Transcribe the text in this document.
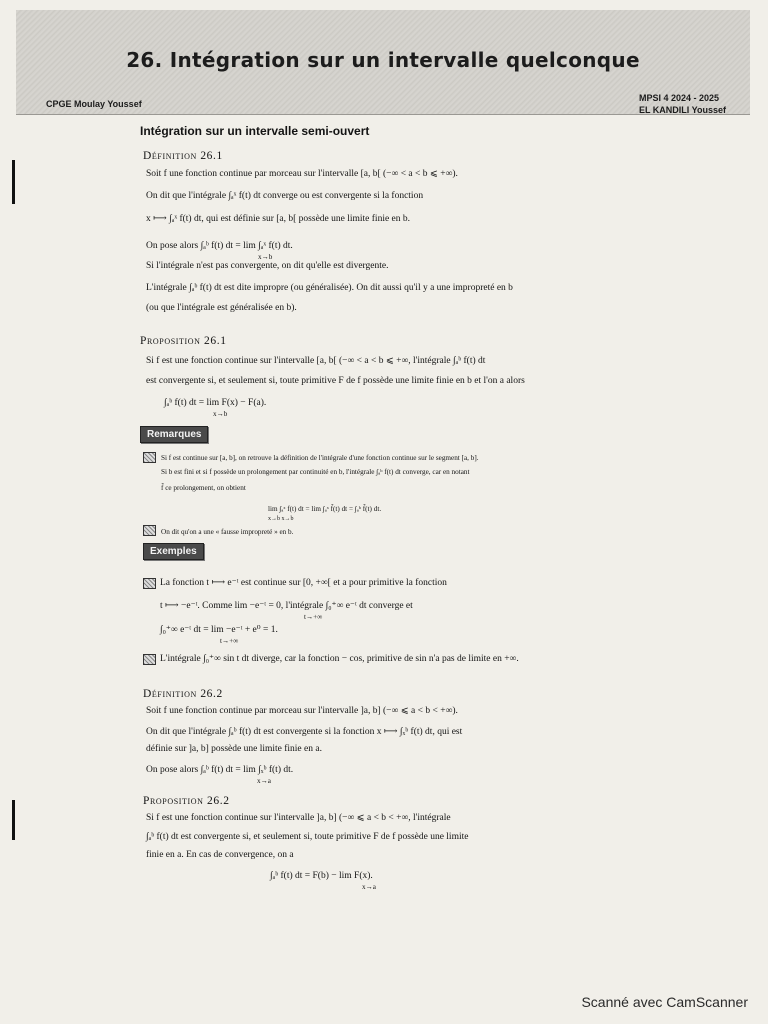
26. Intégration sur un intervalle quelconque
CPGE Moulay Youssef
MPSI 4 2024 - 2025
EL KANDILI Youssef
Intégration sur un intervalle semi-ouvert
Définition 26.1
Soit f une fonction continue par morceau sur l'intervalle [a, b[ (−∞ < a < b ⩽ +∞).
On dit que l'intégrale ∫ₐˣ f(t) dt converge ou est convergente si la fonction
x ⟼ ∫ₐˣ f(t) dt, qui est définie sur [a, b[ possède une limite finie en b.
On pose alors ∫ₐᵇ f(t) dt = lim ∫ₐˣ f(t) dt.
x→b
Si l'intégrale n'est pas convergente, on dit qu'elle est divergente.
L'intégrale ∫ₐᵇ f(t) dt est dite impropre (ou généralisée). On dit aussi qu'il y a une impropreté en b
(ou que l'intégrale est généralisée en b).
Proposition 26.1
Si f est une fonction continue sur l'intervalle [a, b[ (−∞ < a < b ⩽ +∞, l'intégrale ∫ₐᵇ f(t) dt
est convergente si, et seulement si, toute primitive F de f possède une limite finie en b et l'on a alors
∫ₐᵇ f(t) dt = lim F(x) − F(a).
x→b
Remarques
Si f est continue sur [a, b], on retrouve la définition de l'intégrale d'une fonction continue sur le segment [a, b].
Si b est fini et si f possède un prolongement par continuité en b, l'intégrale ∫ₐᵇ f(t) dt converge, car en notant
f̃ ce prolongement, on obtient
lim ∫ₐˣ f(t) dt = lim ∫ₐˣ f̃(t) dt = ∫ₐᵇ f̃(t) dt.
x→b x→b
On dit qu'on a une « fausse impropreté » en b.
Exemples
La fonction t ⟼ e⁻ᵗ est continue sur [0, +∞[ et a pour primitive la fonction
t ⟼ −e⁻ᵗ. Comme lim −e⁻ᵗ = 0, l'intégrale ∫₀⁺∞ e⁻ᵗ dt converge et
t→+∞
∫₀⁺∞ e⁻ᵗ dt = lim −e⁻ᵗ + e⁰ = 1.
t→+∞
L'intégrale ∫₀⁺∞ sin t dt diverge, car la fonction − cos, primitive de sin n'a pas de limite en +∞.
Définition 26.2
Soit f une fonction continue par morceau sur l'intervalle ]a, b] (−∞ ⩽ a < b < +∞).
On dit que l'intégrale ∫ₐᵇ f(t) dt est convergente si la fonction x ⟼ ∫ₓᵇ f(t) dt, qui est
définie sur ]a, b] possède une limite finie en a.
On pose alors ∫ₐᵇ f(t) dt = lim ∫ₓᵇ f(t) dt.
x→a
Proposition 26.2
Si f est une fonction continue sur l'intervalle ]a, b] (−∞ ⩽ a < b < +∞, l'intégrale
∫ₐᵇ f(t) dt est convergente si, et seulement si, toute primitive F de f possède une limite
finie en a. En cas de convergence, on a
∫ₐᵇ f(t) dt = F(b) − lim F(x).
x→a
Scanné avec CamScanner
